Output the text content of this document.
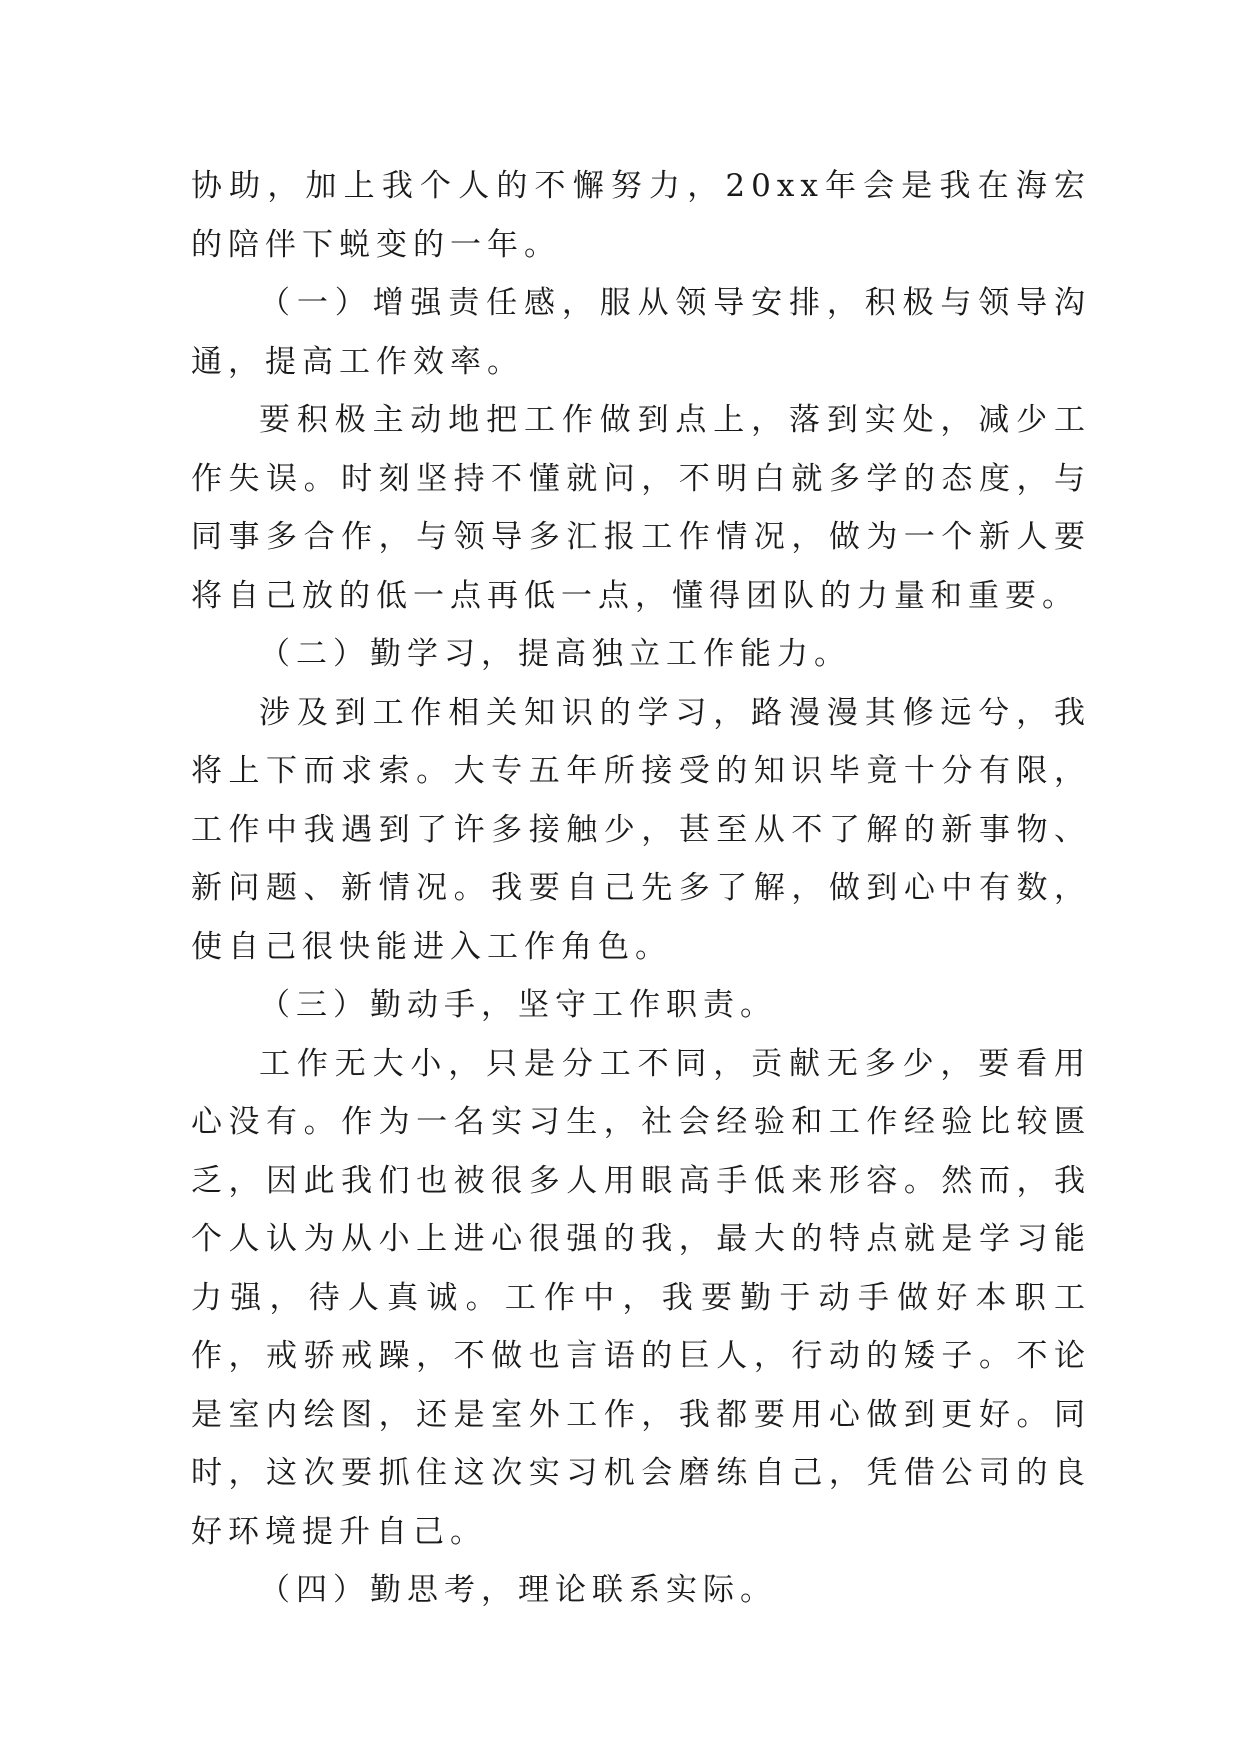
协助，加上我个人的不懈努力，20xx年会是我在海宏的陪伴下蜕变的一年。

（一）增强责任感，服从领导安排，积极与领导沟通，提高工作效率。

要积极主动地把工作做到点上，落到实处，减少工作失误。时刻坚持不懂就问，不明白就多学的态度，与同事多合作，与领导多汇报工作情况，做为一个新人要将自己放的低一点再低一点，懂得团队的力量和重要。

（二）勤学习，提高独立工作能力。

涉及到工作相关知识的学习，路漫漫其修远兮，我将上下而求索。大专五年所接受的知识毕竟十分有限，工作中我遇到了许多接触少，甚至从不了解的新事物、新问题、新情况。我要自己先多了解，做到心中有数，使自己很快能进入工作角色。

（三）勤动手，坚守工作职责。

工作无大小，只是分工不同，贡献无多少，要看用心没有。作为一名实习生，社会经验和工作经验比较匮乏，因此我们也被很多人用眼高手低来形容。然而，我个人认为从小上进心很强的我，最大的特点就是学习能力强，待人真诚。工作中，我要勤于动手做好本职工作，戒骄戒躁，不做也言语的巨人，行动的矮子。不论是室内绘图，还是室外工作，我都要用心做到更好。同时，这次要抓住这次实习机会磨练自己，凭借公司的良好环境提升自己。

（四）勤思考，理论联系实际。
